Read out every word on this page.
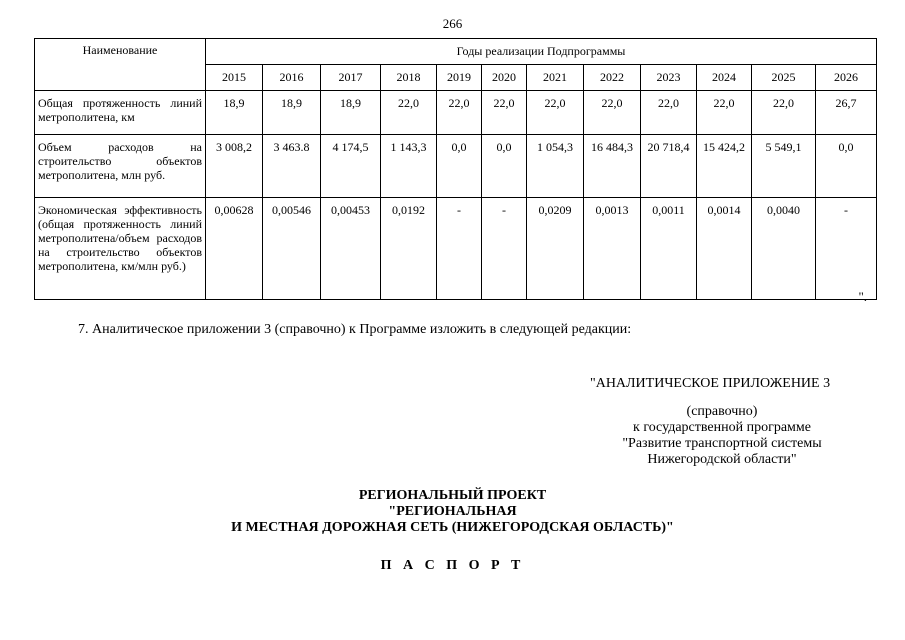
266
Наименование	Годы реализации Подпрограммы											
	2015	2016	2017	2018	2019	2020	2021	2022	2023	2024	2025	2026
Общая протяженность линий метрополитена, км	18,9	18,9	18,9	22,0	22,0	22,0	22,0	22,0	22,0	22,0	22,0	26,7
Объем расходов на строительство объектов метрополитена, млн руб.	3 008,2	3 463.8	4 174,5	1 143,3	0,0	0,0	1 054,3	16 484,3	20 718,4	15 424,2	5 549,1	0,0
Экономическая эффективность (общая протяженность линий метрополитена/объем расходов на строительство объектов метрополитена, км/млн руб.)	0,00628	0,00546	0,00453	0,0192	-	-	0,0209	0,0013	0,0011	0,0014	0,0040	-
".
7. Аналитическое приложении 3 (справочно) к Программе изложить в следующей редакции:
"АНАЛИТИЧЕСКОЕ ПРИЛОЖЕНИЕ 3
(справочно)
к государственной программе
"Развитие транспортной системы
Нижегородской области"
РЕГИОНАЛЬНЫЙ ПРОЕКТ
"РЕГИОНАЛЬНАЯ
И МЕСТНАЯ ДОРОЖНАЯ СЕТЬ (НИЖЕГОРОДСКАЯ ОБЛАСТЬ)"
П А С П О Р Т
